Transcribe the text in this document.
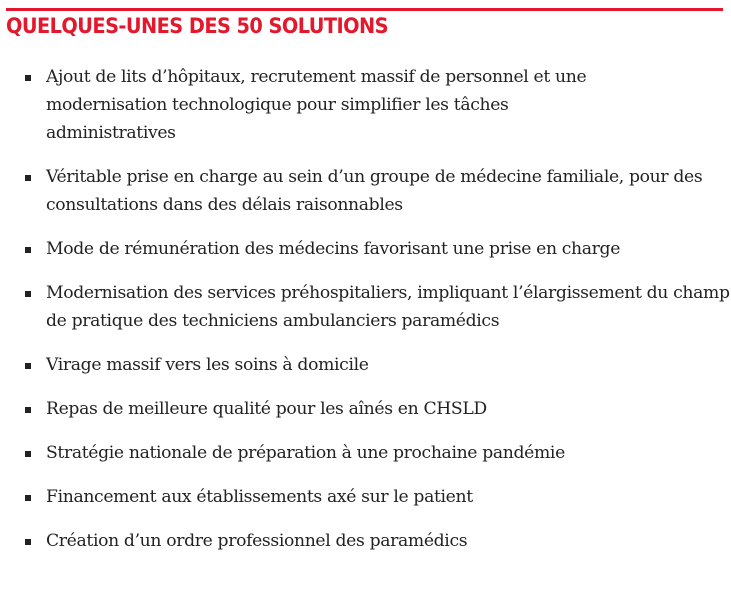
QUELQUES-UNES DES 50 SOLUTIONS
Ajout de lits d’hôpitaux, recrutement massif de personnel et une modernisation technologique pour simplifier les tâches administratives
Véritable prise en charge au sein d’un groupe de médecine familiale, pour des consultations dans des délais raisonnables
Mode de rémunération des médecins favorisant une prise en charge
Modernisation des services préhospitaliers, impliquant l’élargissement du champ de pratique des techniciens ambulanciers paramédics
Virage massif vers les soins à domicile
Repas de meilleure qualité pour les aînés en CHSLD
Stratégie nationale de préparation à une prochaine pandémie
Financement aux établissements axé sur le patient
Création d’un ordre professionnel des paramédics
